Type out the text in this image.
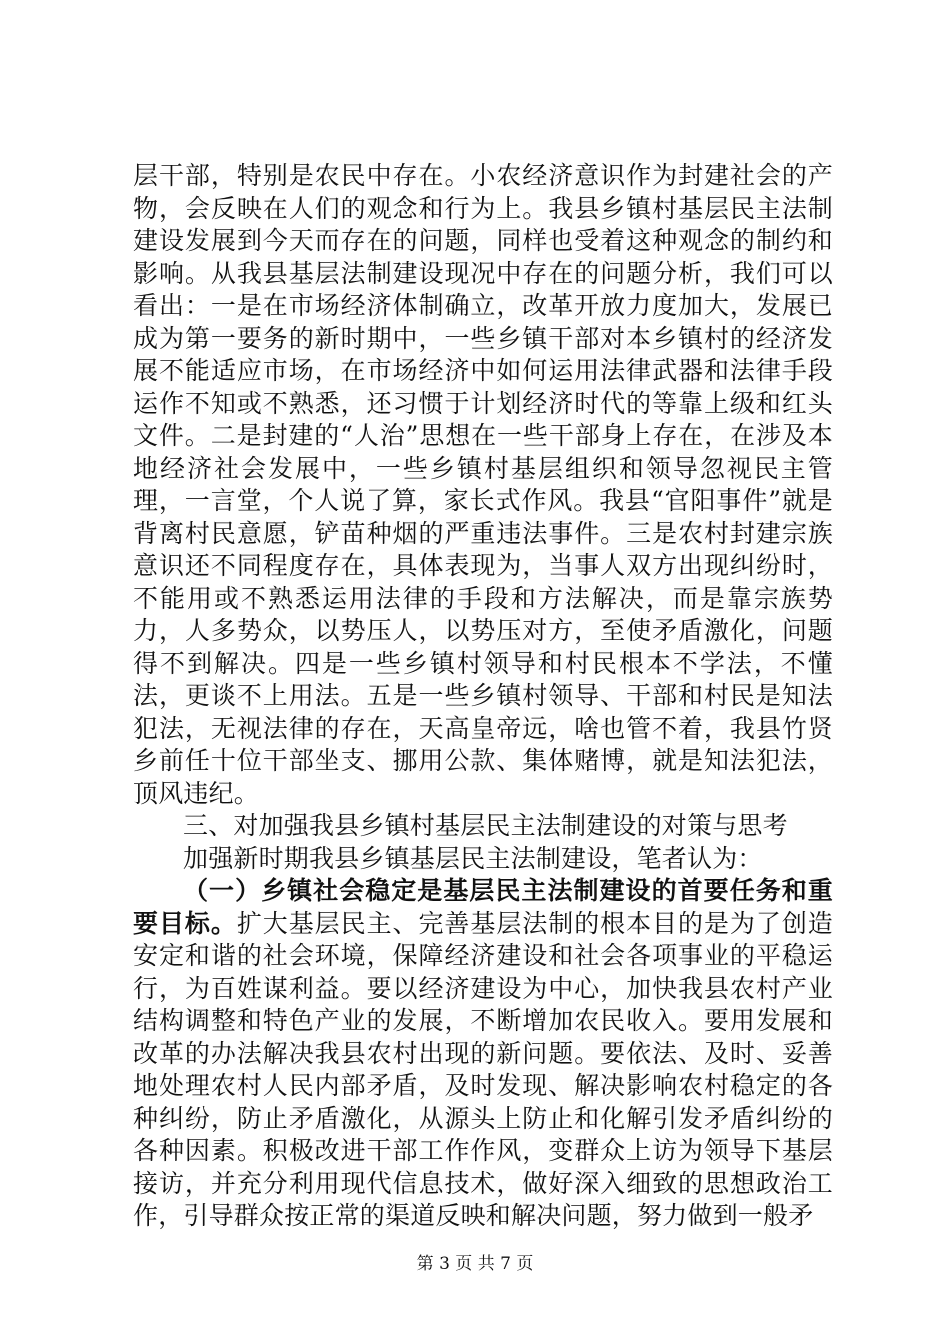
层干部，特别是农民中存在。小农经济意识作为封建社会的产物，会反映在人们的观念和行为上。我县乡镇村基层民主法制建设发展到今天而存在的问题，同样也受着这种观念的制约和影响。从我县基层法制建设现况中存在的问题分析，我们可以看出：一是在市场经济体制确立，改革开放力度加大，发展已成为第一要务的新时期中，一些乡镇干部对本乡镇村的经济发展不能适应市场，在市场经济中如何运用法律武器和法律手段运作不知或不熟悉，还习惯于计划经济时代的等靠上级和红头文件。二是封建的“人治”思想在一些干部身上存在，在涉及本地经济社会发展中，一些乡镇村基层组织和领导忽视民主管理，一言堂，个人说了算，家长式作风。我县“官阳事件”就是背离村民意愿，铲苗种烟的严重违法事件。三是农村封建宗族意识还不同程度存在，具体表现为，当事人双方出现纠纷时，不能用或不熟悉运用法律的手段和方法解决，而是靠宗族势力，人多势众，以势压人，以势压对方，至使矛盾激化，问题得不到解决。四是一些乡镇村领导和村民根本不学法，不懂法，更谈不上用法。五是一些乡镇村领导、干部和村民是知法犯法，无视法律的存在，天高皇帝远，啥也管不着，我县竹贤乡前任十位干部坐支、挪用公款、集体赌博，就是知法犯法，顶风违纪。

三、对加强我县乡镇村基层民主法制建设的对策与思考

加强新时期我县乡镇基层民主法制建设，笔者认为：

（一）乡镇社会稳定是基层民主法制建设的首要任务和重要目标。扩大基层民主、完善基层法制的根本目的是为了创造安定和谐的社会环境，保障经济建设和社会各项事业的平稳运行，为百姓谋利益。要以经济建设为中心，加快我县农村产业结构调整和特色产业的发展，不断增加农民收入。要用发展和改革的办法解决我县农村出现的新问题。要依法、及时、妥善地处理农村人民内部矛盾，及时发现、解决影响农村稳定的各种纠纷，防止矛盾激化，从源头上防止和化解引发矛盾纠纷的各种因素。积极改进干部工作作风，变群众上访为领导下基层接访，并充分利用现代信息技术，做好深入细致的思想政治工作，引导群众按正常的渠道反映和解决问题，努力做到一般矛

第 3 页 共 7 页
